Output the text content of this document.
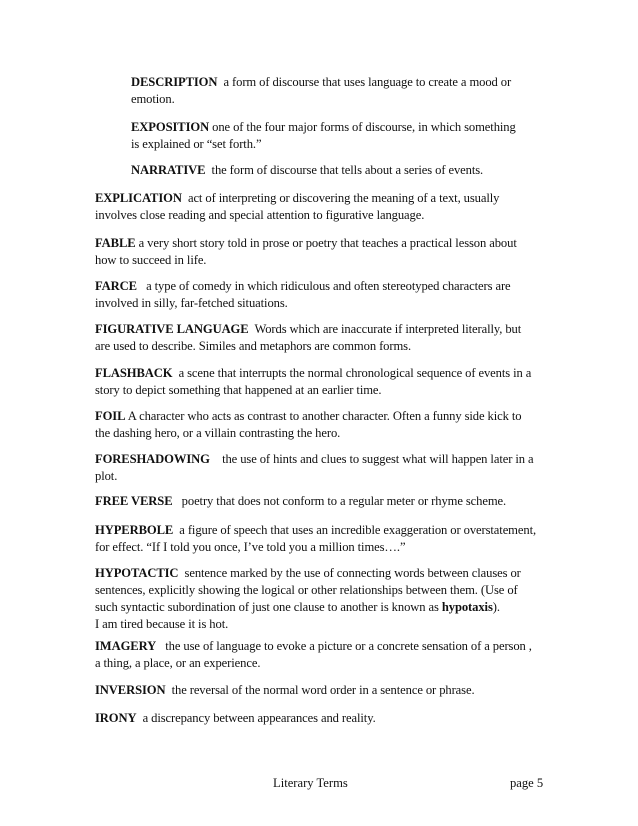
DESCRIPTION a form of discourse that uses language to create a mood or
emotion.
EXPOSITION one of the four major forms of discourse, in which something
is explained or “set forth.”
NARRATIVE the form of discourse that tells about a series of events.
EXPLICATION act of interpreting or discovering the meaning of a text, usually
involves close reading and special attention to figurative language.
FABLE a very short story told in prose or poetry that teaches a practical lesson about
how to succeed in life.
FARCE a type of comedy in which ridiculous and often stereotyped characters are
involved in silly, far-fetched situations.
FIGURATIVE LANGUAGE Words which are inaccurate if interpreted literally, but
are used to describe. Similes and metaphors are common forms.
FLASHBACK a scene that interrupts the normal chronological sequence of events in a
story to depict something that happened at an earlier time.
FOIL A character who acts as contrast to another character. Often a funny side kick to
the dashing hero, or a villain contrasting the hero.
FORESHADOWING the use of hints and clues to suggest what will happen later in a
plot.
FREE VERSE poetry that does not conform to a regular meter or rhyme scheme.
HYPERBOLE a figure of speech that uses an incredible exaggeration or overstatement,
for effect. “If I told you once, I’ve told you a million times….”
HYPOTACTIC sentence marked by the use of connecting words between clauses or
sentences, explicitly showing the logical or other relationships between them. (Use of
such syntactic subordination of just one clause to another is known as hypotaxis).
I am tired because it is hot.
IMAGERY the use of language to evoke a picture or a concrete sensation of a person ,
a thing, a place, or an experience.
INVERSION the reversal of the normal word order in a sentence or phrase.
IRONY a discrepancy between appearances and reality.
Literary Terms	page 5
